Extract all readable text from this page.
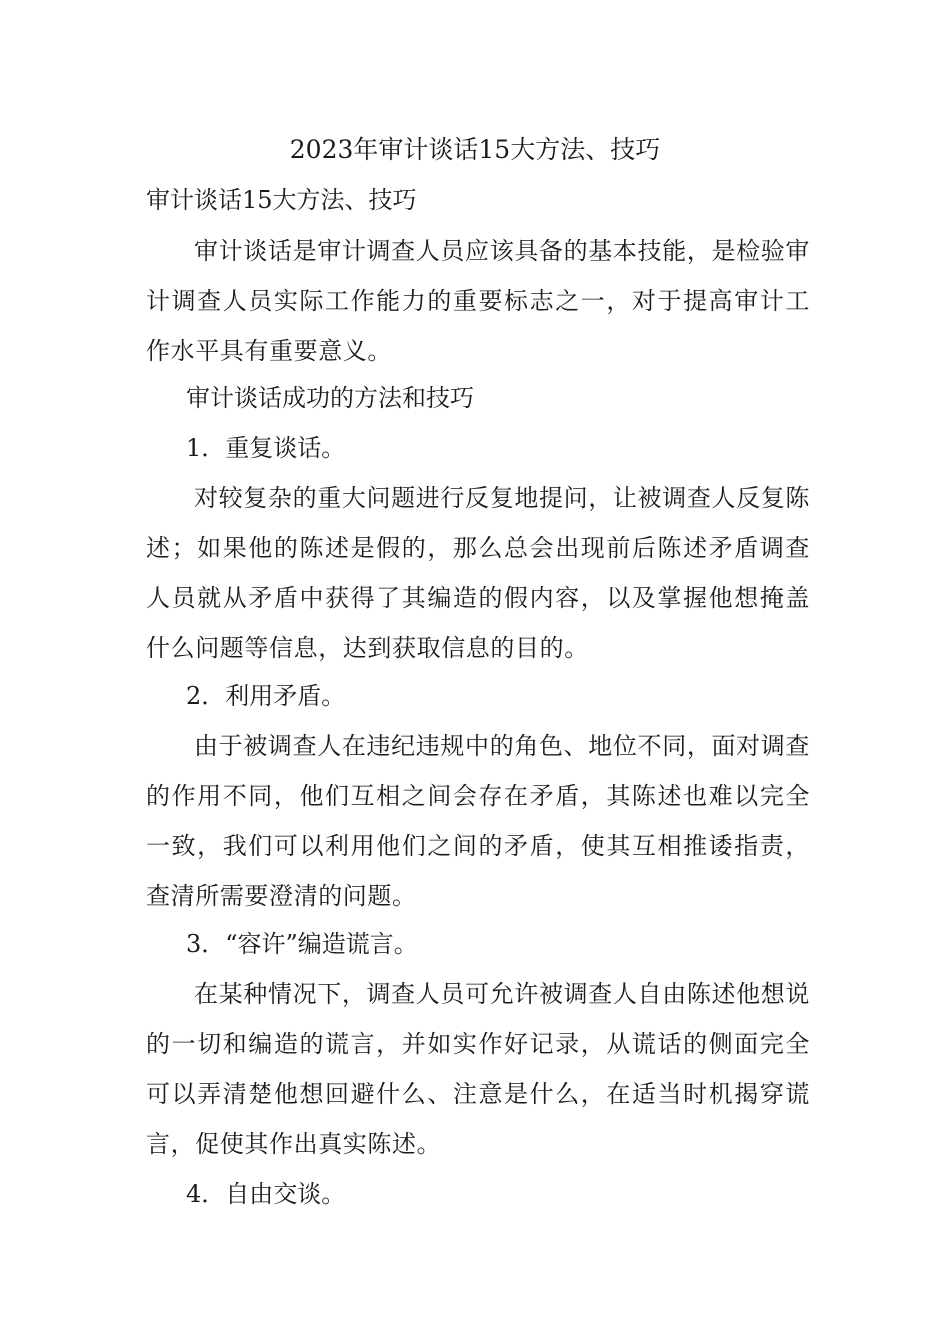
2023年审计谈话15大方法、技巧

审计谈话15大方法、技巧

审计谈话是审计调查人员应该具备的基本技能，是检验审计调查人员实际工作能力的重要标志之一，对于提高审计工作水平具有重要意义。

审计谈话成功的方法和技巧

1．重复谈话。

对较复杂的重大问题进行反复地提问，让被调查人反复陈述；如果他的陈述是假的，那么总会出现前后陈述矛盾调查人员就从矛盾中获得了其编造的假内容，以及掌握他想掩盖什么问题等信息，达到获取信息的目的。

2．利用矛盾。

由于被调查人在违纪违规中的角色、地位不同，面对调查的作用不同，他们互相之间会存在矛盾，其陈述也难以完全一致，我们可以利用他们之间的矛盾，使其互相推诿指责，查清所需要澄清的问题。

3．“容许”编造谎言。

在某种情况下，调查人员可允许被调查人自由陈述他想说的一切和编造的谎言，并如实作好记录，从谎话的侧面完全可以弄清楚他想回避什么、注意是什么，在适当时机揭穿谎言，促使其作出真实陈述。

4．自由交谈。
